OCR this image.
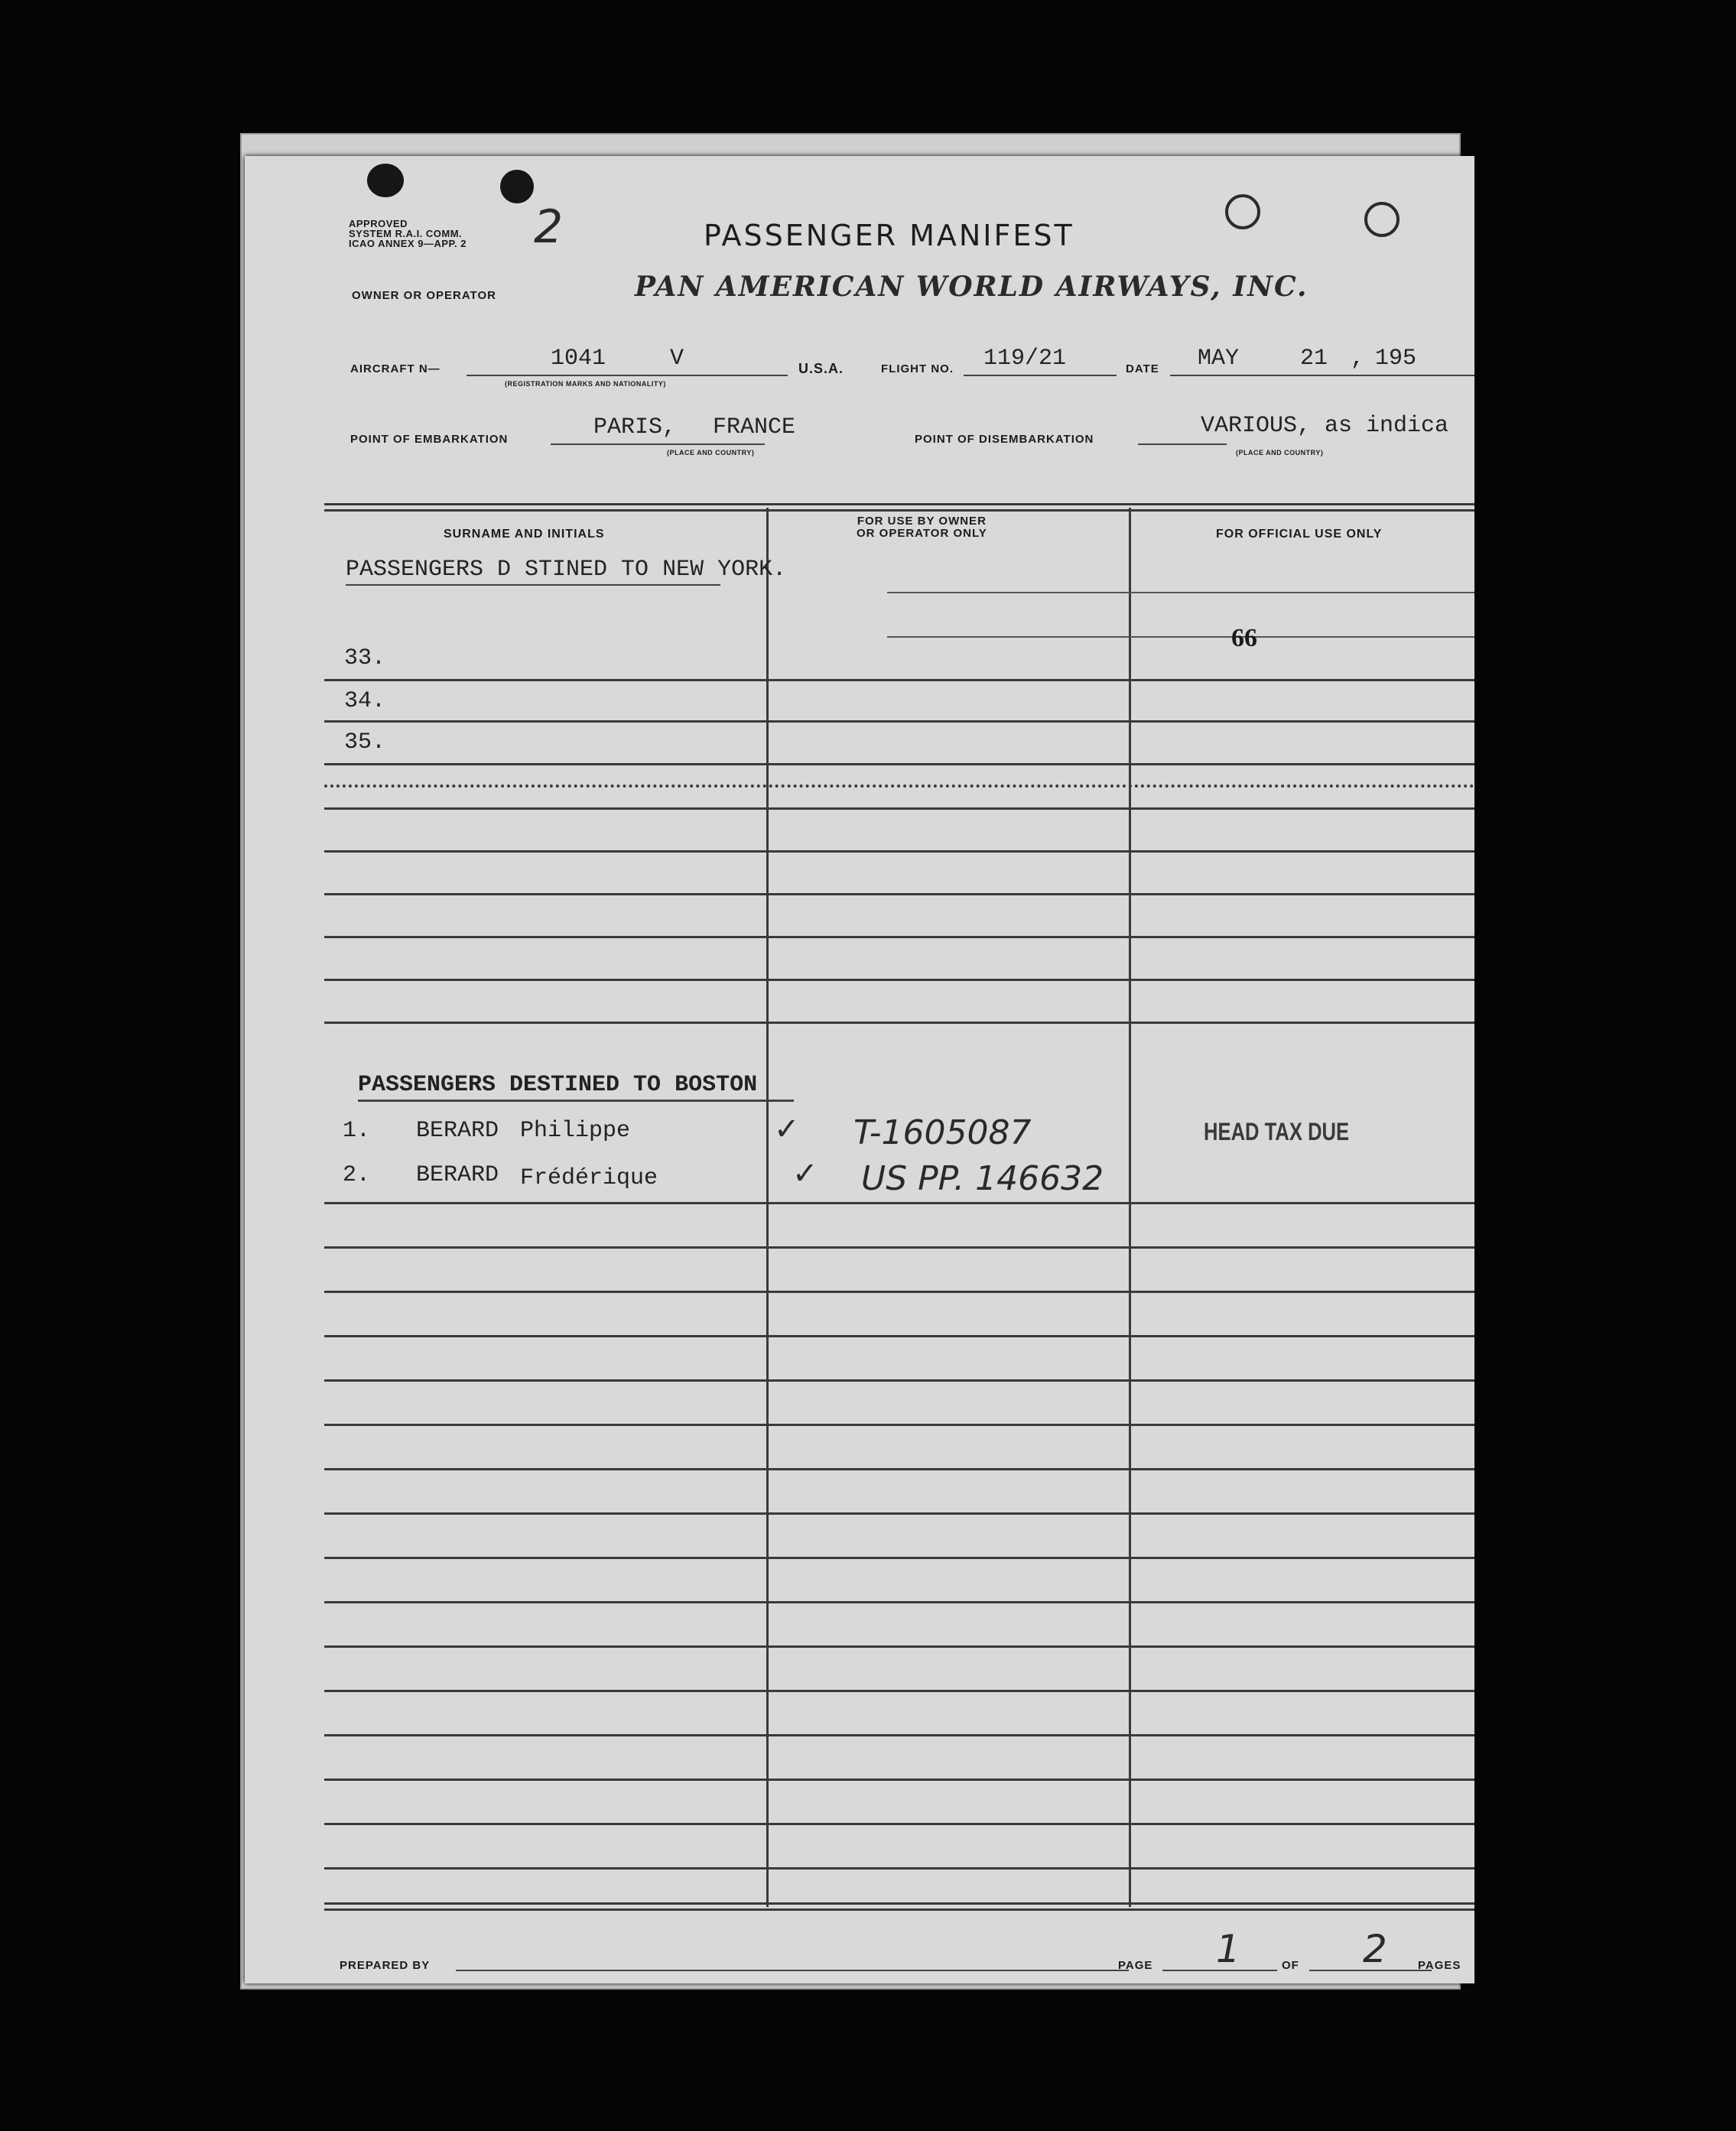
APPROVED
SYSTEM R.A.I. COMM.
ICAO ANNEX 9—APP. 2 2	PASSENGER MANIFEST
OWNER OR OPERATOR	PAN AMERICAN WORLD AIRWAYS, INC.
AIRCRAFT N—	1041	V
(REGISTRATION MARKS AND NATIONALITY)
U.S.A.	FLIGHT NO. 119/21	DATE MAY	21 , 195
POINT OF EMBARKATION	PARIS, FRANCE
(PLACE AND COUNTRY)
POINT OF DISEMBARKATION
VARIOUS, as indica
(PLACE AND COUNTRY)
SURNAME AND INITIALS
FOR USE BY OWNER
OR OPERATOR ONLY	FOR OFFICIAL USE ONLY
PASSENGERS D STINED TO NEW YORK.
66
33.
34.
35.
PASSENGERS DESTINED TO BOSTON
1. BERARD Philippe	✓ T-1605087	HEAD TAX DUE
2. BERARD Frédérique	✓ US PP. 146632
PREPARED BY	PAGE 1	OF 2	PAGES
